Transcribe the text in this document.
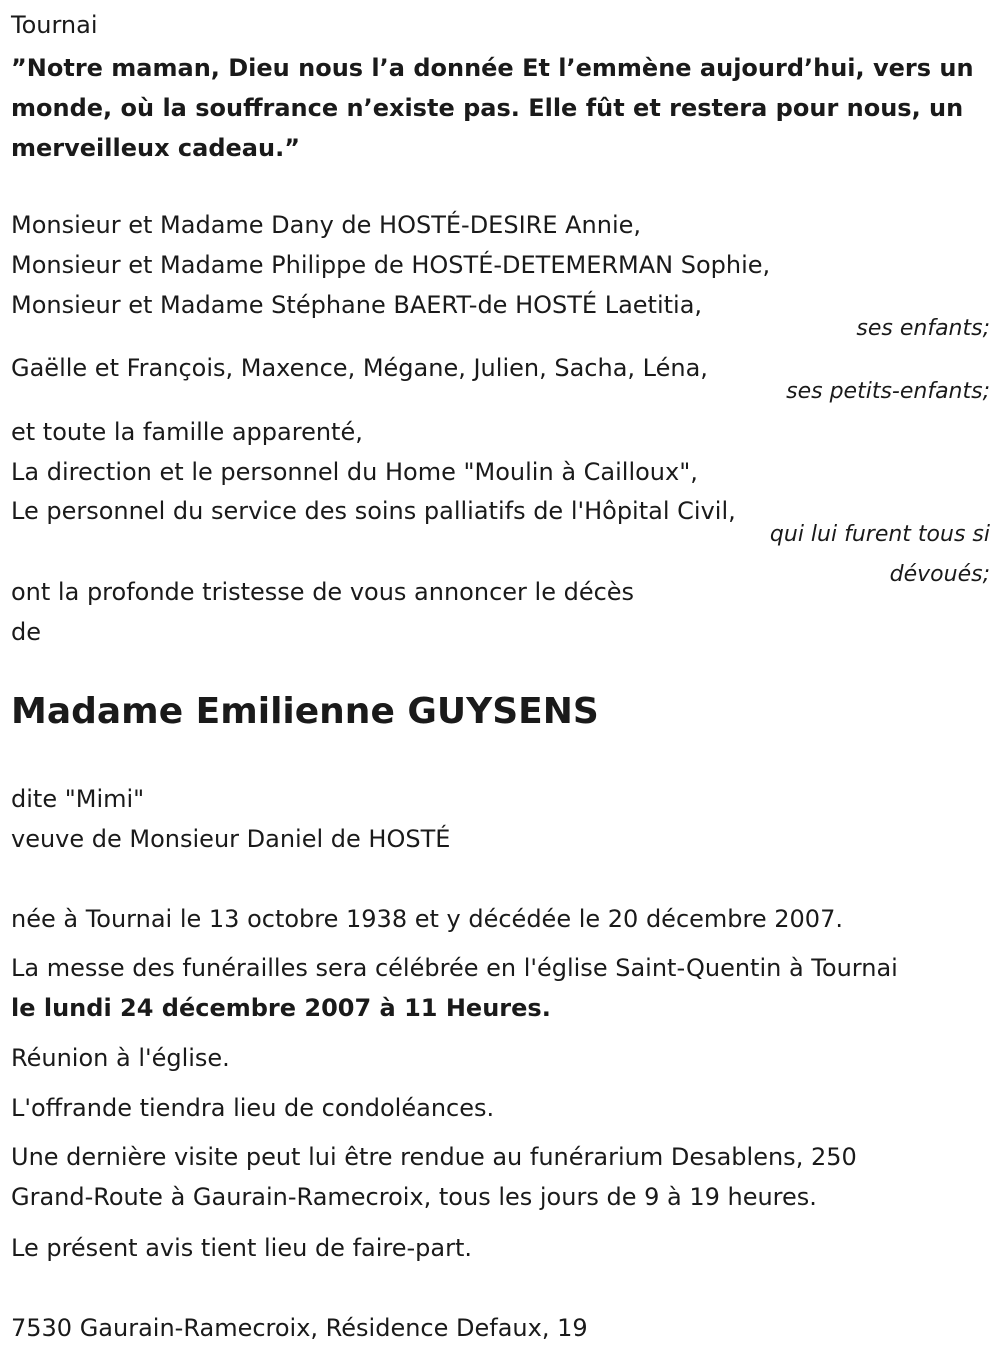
Tournai
”Notre maman, Dieu nous l’a donnée Et l’emmène aujourd’hui, vers un monde, où la souffrance n’existe pas. Elle fût et restera pour nous, un merveilleux cadeau.”
Monsieur et Madame Dany de HOSTÉ-DESIRE Annie,
Monsieur et Madame Philippe de HOSTÉ-DETEMERMAN Sophie,
Monsieur et Madame Stéphane BAERT-de HOSTÉ Laetitia,
ses enfants;
Gaëlle et François, Maxence, Mégane, Julien, Sacha, Léna,
ses petits-enfants;
et toute la famille apparenté,
La direction et le personnel du Home "Moulin à Cailloux",
Le personnel du service des soins palliatifs de l'Hôpital Civil,
qui lui furent tous si
dévoués;
ont la profonde tristesse de vous annoncer le décès
de
Madame Emilienne GUYSENS
dite "Mimi"
veuve de Monsieur Daniel de HOSTÉ
née à Tournai le 13 octobre 1938 et y décédée le 20 décembre 2007.
La messe des funérailles sera célébrée en l'église Saint-Quentin à Tournai
le lundi 24 décembre 2007 à 11 Heures.
Réunion à l'église.
L'offrande tiendra lieu de condoléances.
Une dernière visite peut lui être rendue au funérarium Desablens, 250
Grand-Route à Gaurain-Ramecroix, tous les jours de 9 à 19 heures.
Le présent avis tient lieu de faire-part.
7530 Gaurain-Ramecroix, Résidence Defaux, 19
